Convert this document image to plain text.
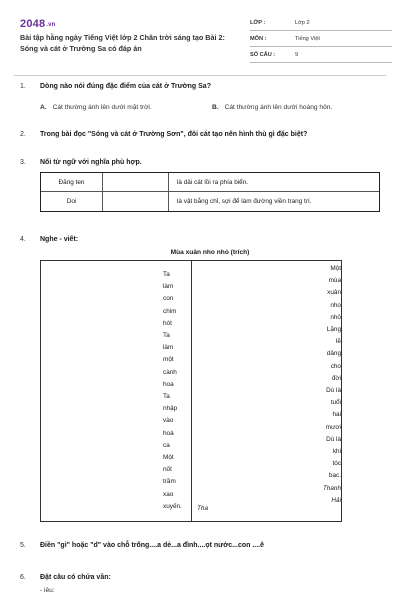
2048.vn
Bài tập hằng ngày Tiếng Việt lớp 2 Chân trời sáng tạo Bài 2: Sóng và cát ở Trường Sa có đáp án
LỚP :	Lớp 2
MÔN :	Tiếng Việt
SỐ CÂU :	9
1. Dòng nào nói đúng đặc điểm của cát ở Trường Sa?
A. Cát thường ánh lên dưới mặt trời.	B. Cát thường ánh lên dưới hoàng hôn.
2. Trong bài đọc "Sóng và cát ở Trường Sơn", đôi cát tạo nên hình thù gì đặc biệt?
3. Nối từ ngữ với nghĩa phù hợp.
Đăng ten	là dải cát lồi ra phía biển.
Doi	là vật bằng chỉ, sợi để làm đường viền trang trí.
4. Nghe - viết:
Mùa xuân nho nhỏ (trích)
Ta
làm
con
chim
hót
Ta
làm
một
cành
hoa
Ta
nhập
vào
hoà
ca
Một
nốt
trầm
xao
xuyến.
Một
mùa
xuân
nho
nhỏ
Lặng
lẽ
dâng
cho
đời
Dù là
tuổi
hai
mươi
Dù là
khi
tóc
bạc.
Thanh
Hải
Tha
5. Điền "gi" hoặc "d" vào chỗ trống....a dẻ...a đình....ọt nước...con ....ê
6. Đặt câu có chứa vần:
- iêu:
